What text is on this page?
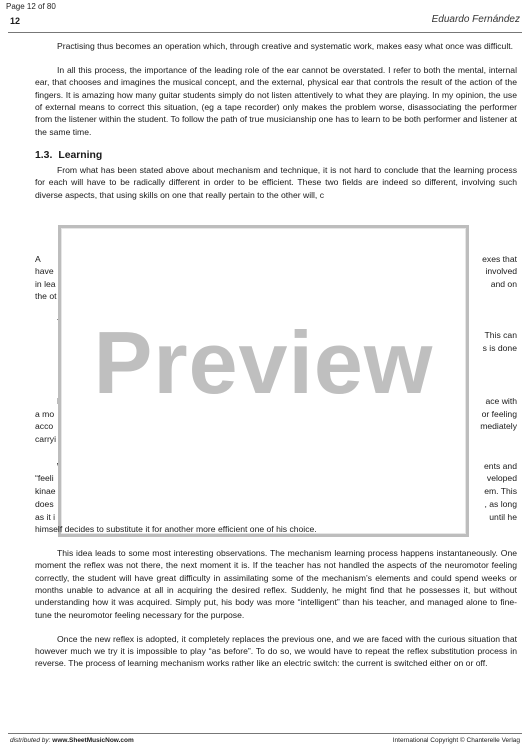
Page 12 of 80
12	Eduardo Fernández

Practising thus becomes an operation which, through creative and systematic work, makes easy what once was difficult.

In all this process, the importance of the leading role of the ear cannot be overstated. I refer to both the mental, internal ear, that chooses and imagines the musical concept, and the external, physical ear that controls the result of the action of the fingers. It is amazing how many guitar students simply do not listen attentively to what they are playing. In my opinion, the use of external means to correct this situation, (eg a tape recorder) only makes the problem worse, disassociating the performer from the listener within the student. To follow the path of true musicianship one has to learn to be both performer and listener at the same time.

1.3. Learning

From what has been stated above about mechanism and technique, it is not hard to conclude that the learning process for each will have to be radically different in order to be efficient. These two fields are indeed so different, involving such diverse aspects, that using skills on one that really pertain to the other will, c

A	exes that
have	involved
in lea	and on
the ot
This can
s is done
ace with
a mo	or feeling
acco	mediately
carryi
ents and
“feeli	veloped
kinae	em. This
does	, as long
as it i	until he
Preview

himself decides to substitute it for another more efficient one of his choice.

This idea leads to some most interesting observations. The mechanism learning process happens instantaneously. One moment the reflex was not there, the next moment it is. If the teacher has not handled the aspects of the neuromotor feeling correctly, the student will have great difficulty in assimilating some of the mechanism’s elements and could spend weeks or months unable to advance at all in acquiring the desired reflex. Suddenly, he might find that he possesses it, but without understanding how it was acquired. Simply put, his body was more “intelligent” than his teacher, and managed alone to fine-tune the neuromotor feeling necessary for the purpose.

Once the new reflex is adopted, it completely replaces the previous one, and we are faced with the curious situation that however much we try it is impossible to play “as before”. To do so, we would have to repeat the reflex substitution process in reverse. The process of learning mechanism works rather like an electric switch: the current is switched either on or off.

distributed by: www.SheetMusicNow.com	International Copyright © Chanterelle Verlag
